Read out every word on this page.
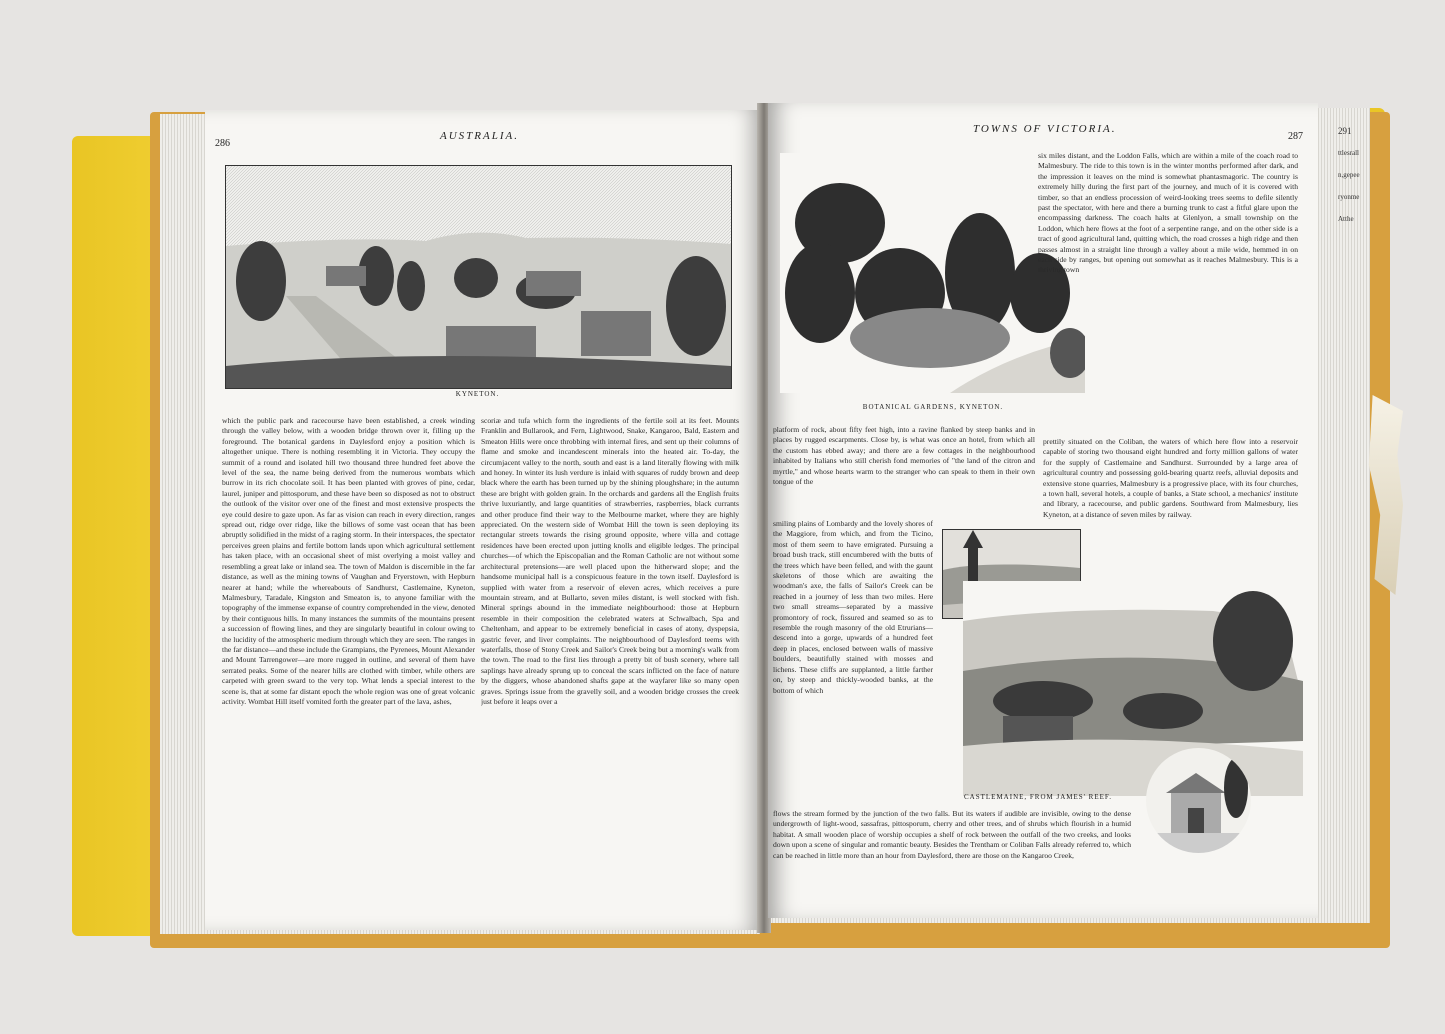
291
ttlesralln,gepeeryonmeAtthe
286
AUSTRALIA.
KYNETON.
which the public park and racecourse have been established, a creek winding through the valley below, with a wooden bridge thrown over it, filling up the foreground. The botanical gardens in Daylesford enjoy a position which is altogether unique. There is nothing resembling it in Victoria. They occupy the summit of a round and isolated hill two thousand three hundred feet above the level of the sea, the name being derived from the numerous wombats which burrow in its rich chocolate soil. It has been planted with groves of pine, cedar, laurel, juniper and pittosporum, and these have been so disposed as not to obstruct the outlook of the visitor over one of the finest and most extensive prospects the eye could desire to gaze upon. As far as vision can reach in every direction, ranges spread out, ridge over ridge, like the billows of some vast ocean that has been abruptly solidified in the midst of a raging storm. In their interspaces, the spectator perceives green plains and fertile bottom lands upon which agricultural settlement has taken place, with an occasional sheet of mist overlying a moist valley and resembling a great lake or inland sea. The town of Maldon is discernible in the far distance, as well as the mining towns of Vaughan and Fryerstown, with Hepburn nearer at hand; while the whereabouts of Sandhurst, Castlemaine, Kyneton, Malmesbury, Taradale, Kingston and Smeaton is, to anyone familiar with the topography of the immense expanse of country comprehended in the view, denoted by their contiguous hills. In many instances the summits of the mountains present a succession of flowing lines, and they are singularly beautiful in colour owing to the lucidity of the atmospheric medium through which they are seen. The ranges in the far distance—and these include the Grampians, the Pyrenees, Mount Alexander and Mount Tarrengower—are more rugged in outline, and several of them have serrated peaks. Some of the nearer hills are clothed with timber, while others are carpeted with green sward to the very top. What lends a special interest to the scene is, that at some far distant epoch the whole region was one of great volcanic activity. Wombat Hill itself vomited forth the greater part of the lava, ashes,
scoriæ and tufa which form the ingredients of the fertile soil at its feet. Mounts Franklin and Bullarook, and Fern, Lightwood, Snake, Kangaroo, Bald, Eastern and Smeaton Hills were once throbbing with internal fires, and sent up their columns of flame and smoke and incandescent minerals into the heated air. To-day, the circumjacent valley to the north, south and east is a land literally flowing with milk and honey. In winter its lush verdure is inlaid with squares of ruddy brown and deep black where the earth has been turned up by the shining ploughshare; in the autumn these are bright with golden grain. In the orchards and gardens all the English fruits thrive luxuriantly, and large quantities of strawberries, raspberries, black currants and other produce find their way to the Melbourne market, where they are highly appreciated. On the western side of Wombat Hill the town is seen deploying its rectangular streets towards the rising ground opposite, where villa and cottage residences have been erected upon jutting knolls and eligible ledges. The principal churches—of which the Episcopalian and the Roman Catholic are not without some architectural pretensions—are well placed upon the hitherward slope; and the handsome municipal hall is a conspicuous feature in the town itself. Daylesford is supplied with water from a reservoir of eleven acres, which receives a pure mountain stream, and at Bullarto, seven miles distant, is well stocked with fish. Mineral springs abound in the immediate neighbourhood: those at Hepburn resemble in their composition the celebrated waters at Schwalbach, Spa and Cheltenham, and appear to be extremely beneficial in cases of atony, dyspepsia, gastric fever, and liver complaints. The neighbourhood of Daylesford teems with waterfalls, those of Stony Creek and Sailor's Creek being but a morning's walk from the town. The road to the first lies through a pretty bit of bush scenery, where tall saplings have already sprung up to conceal the scars inflicted on the face of nature by the diggers, whose abandoned shafts gape at the wayfarer like so many open graves. Springs issue from the gravelly soil, and a wooden bridge crosses the creek just before it leaps over a
TOWNS OF VICTORIA.
287
BOTANICAL GARDENS, KYNETON.
six miles distant, and the Loddon Falls, which are within a mile of the coach road to Malmesbury. The ride to this town is in the winter months performed after dark, and the impression it leaves on the mind is somewhat phantasmagoric. The country is extremely hilly during the first part of the journey, and much of it is covered with timber, so that an endless procession of weird-looking trees seems to defile silently past the spectator, with here and there a burning trunk to cast a fitful glare upon the encompassing darkness. The coach halts at Glenlyon, a small township on the Loddon, which here flows at the foot of a serpentine range, and on the other side is a tract of good agricultural land, quitting which, the road crosses a high ridge and then passes almost in a straight line through a valley about a mile wide, hemmed in on each side by ranges, but opening out somewhat as it reaches Malmesbury. This is a thriving town
prettily situated on the Coliban, the waters of which here flow into a reservoir capable of storing two thousand eight hundred and forty million gallons of water for the supply of Castlemaine and Sandhurst. Surrounded by a large area of agricultural country and possessing gold-bearing quartz reefs, alluvial deposits and extensive stone quarries, Malmesbury is a progressive place, with its four churches, a town hall, several hotels, a couple of banks, a State school, a mechanics' institute and library, a racecourse, and public gardens. Southward from Malmesbury, lies Kyneton, at a distance of seven miles by railway.
platform of rock, about fifty feet high, into a ravine flanked by steep banks and in places by rugged escarpments. Close by, is what was once an hotel, from which all the custom has ebbed away; and there are a few cottages in the neighbourhood inhabited by Italians who still cherish fond memories of "the land of the citron and myrtle," and whose hearts warm to the stranger who can speak to them in their own tongue of the
smiling plains of Lombardy and the lovely shores of the Maggiore, from which, and from the Ticino, most of them seem to have emigrated. Pursuing a broad bush track, still encumbered with the butts of the trees which have been felled, and with the gaunt skeletons of those which are awaiting the woodman's axe, the falls of Sailor's Creek can be reached in a journey of less than two miles. Here two small streams—separated by a massive promontory of rock, fissured and seamed so as to resemble the rough masonry of the old Etrurians—descend into a gorge, upwards of a hundred feet deep in places, enclosed between walls of massive boulders, beautifully stained with mosses and lichens. These cliffs are supplanted, a little farther on, by steep and thickly-wooded banks, at the bottom of which
CASTLEMAINE, FROM JAMES' REEF.
flows the stream formed by the junction of the two falls. But its waters if audible are invisible, owing to the dense undergrowth of light-wood, sassafras, pittosporum, cherry and other trees, and of shrubs which flourish in a humid habitat. A small wooden place of worship occupies a shelf of rock between the outfall of the two creeks, and looks down upon a scene of singular and romantic beauty. Besides the Trentham or Coliban Falls already referred to, which can be reached in little more than an hour from Daylesford, there are those on the Kangaroo Creek,
